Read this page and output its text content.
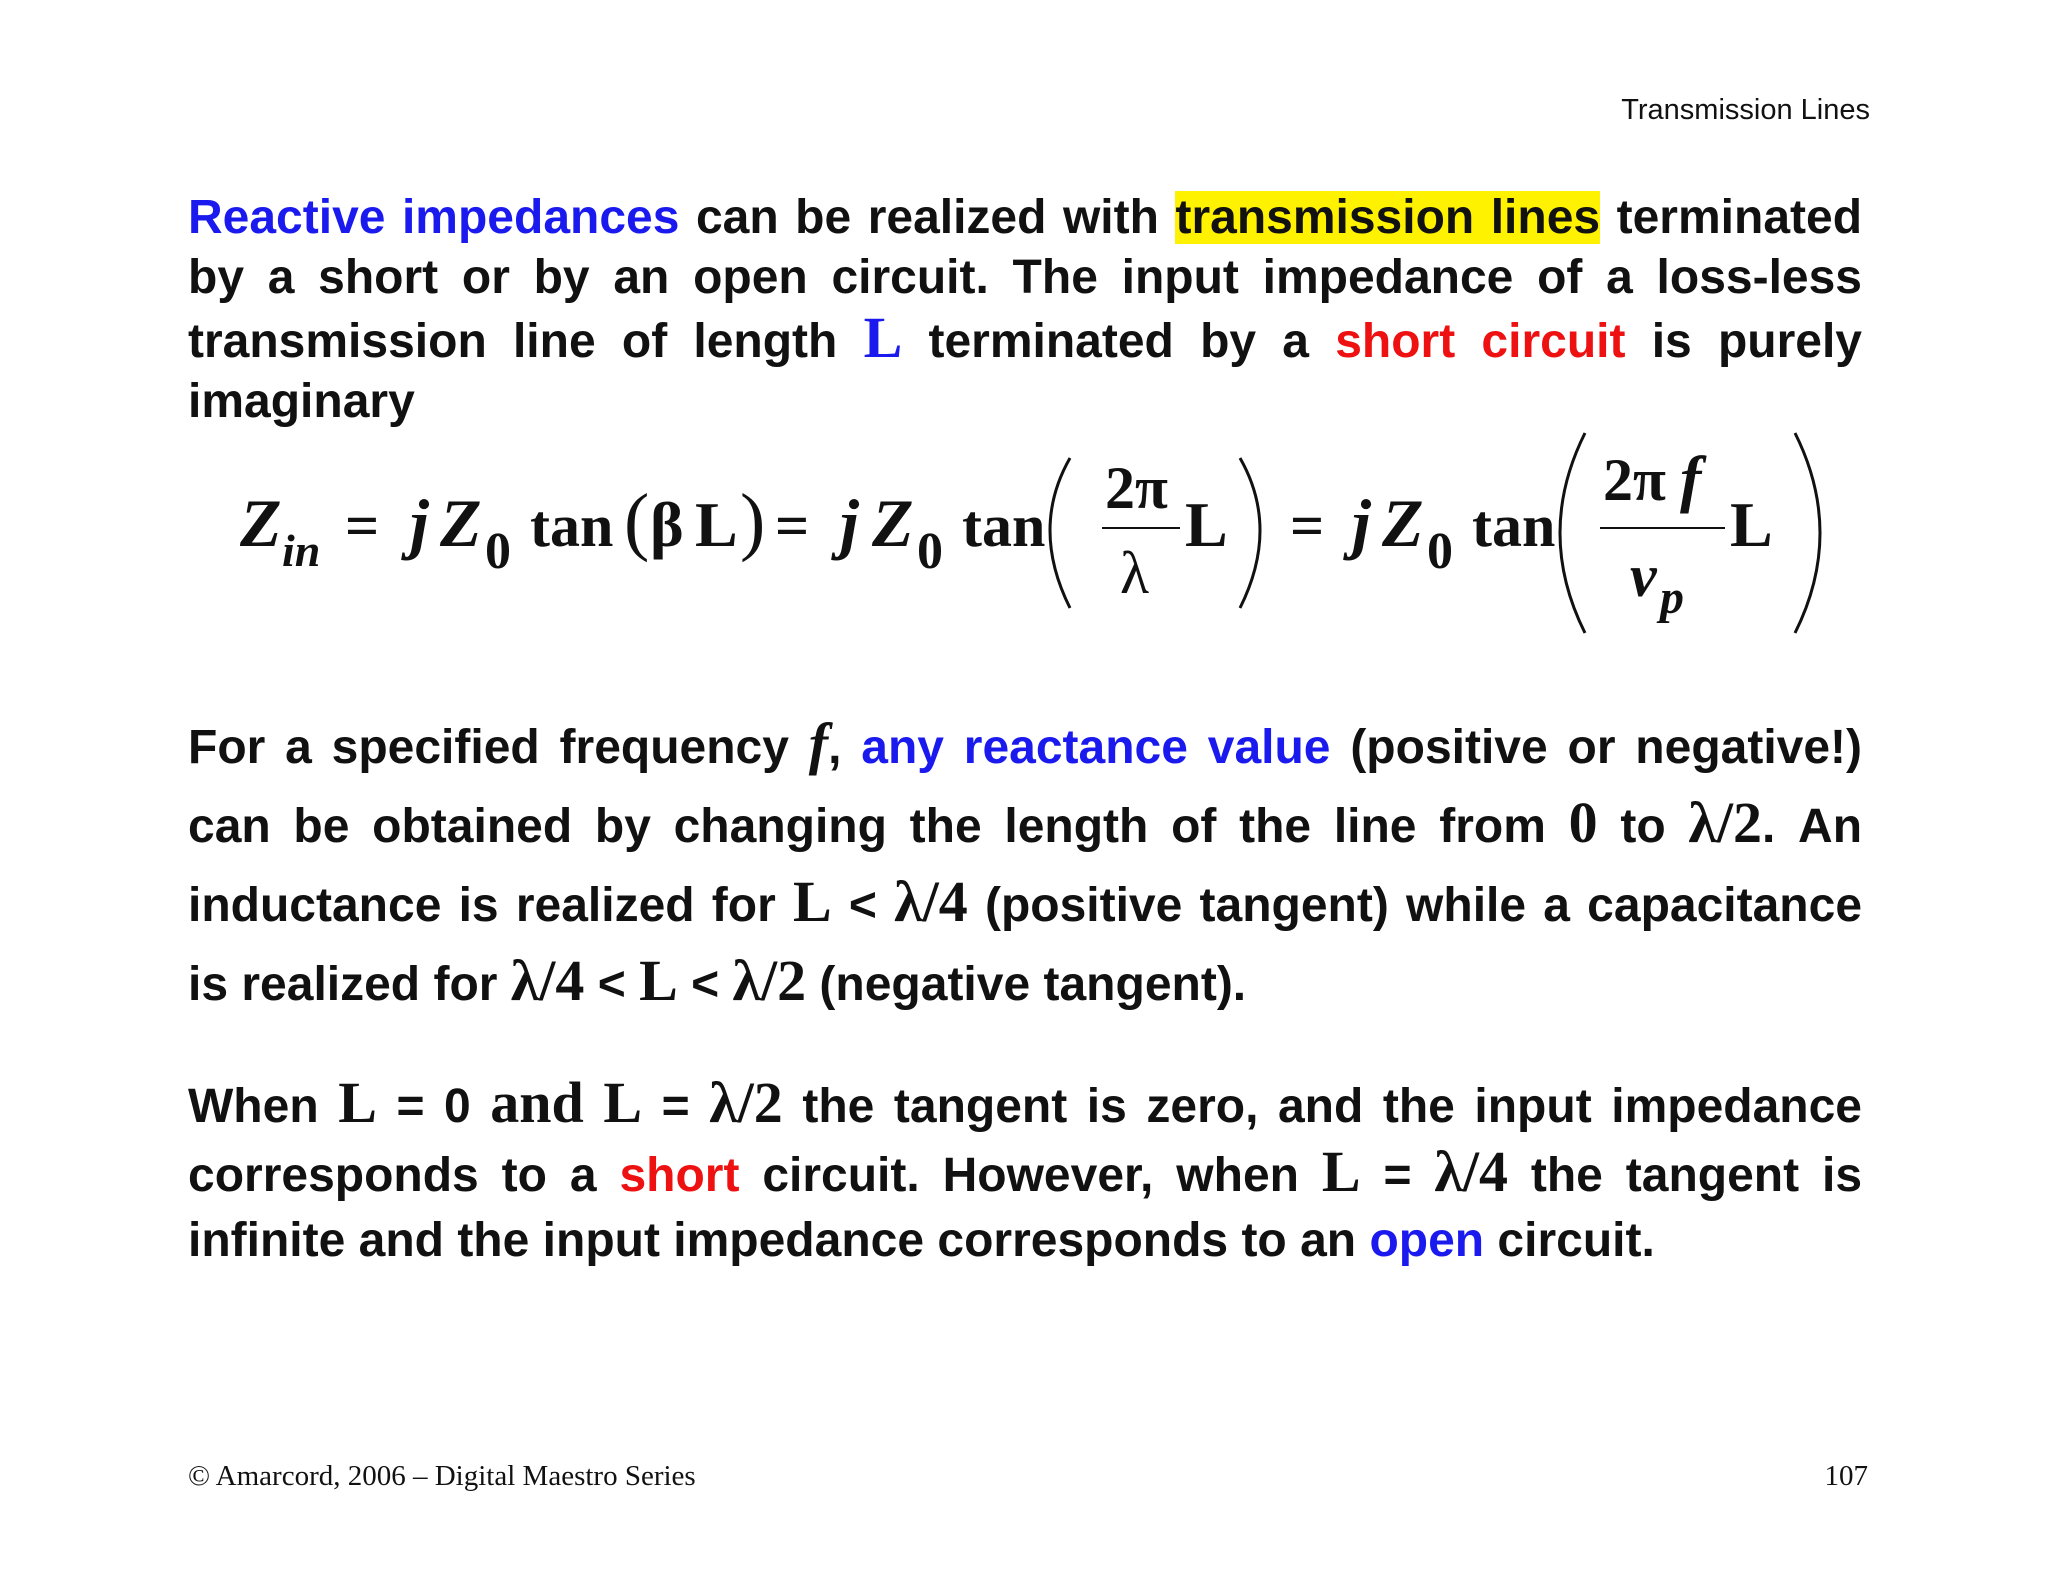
Transmission Lines
Reactive impedances can be realized with transmission lines terminated by a short or by an open circuit. The input impedance of a loss-less transmission line of length L terminated by a short circuit is purely imaginary
Z in = j Z 0 tan ( β L ) = j Z 0 tan
2π
λ
L = j Z 0 tan
2π f
v p
L
For a specified frequency f, any reactance value (positive or negative!) can be obtained by changing the length of the line from 0 to λ/2. An inductance is realized for L < λ/4 (positive tangent) while a capacitance is realized for λ/4 < L < λ/2 (negative tangent).
When L = 0 and L = λ/2 the tangent is zero, and the input impedance corresponds to a short circuit. However, when L = λ/4 the tangent is infinite and the input impedance corresponds to an open circuit.
© Amarcord, 2006 – Digital Maestro Series	107
